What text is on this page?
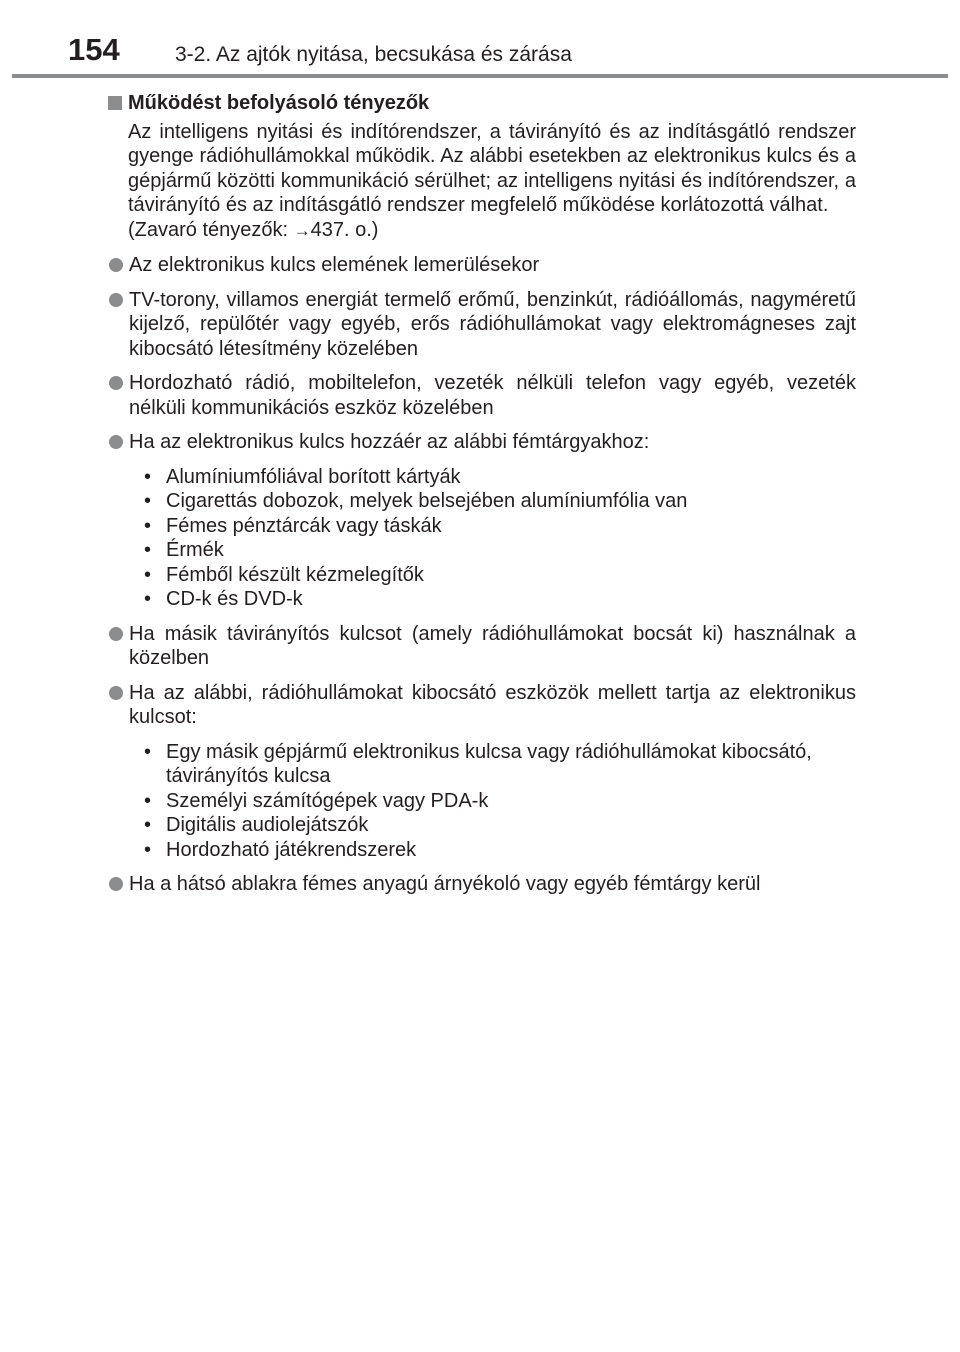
154	3-2. Az ajtók nyitása, becsukása és zárása
Működést befolyásoló tényezők
Az intelligens nyitási és indítórendszer, a távirányító és az indításgátló rendszer gyenge rádióhullámokkal működik. Az alábbi esetekben az elektronikus kulcs és a gépjármű közötti kommunikáció sérülhet; az intelligens nyitási és indítórendszer, a távirányító és az indításgátló rendszer megfelelő működése korlátozottá válhat.
(Zavaró tényezők: →437. o.)
Az elektronikus kulcs elemének lemerülésekor
TV-torony, villamos energiát termelő erőmű, benzinkút, rádióállomás, nagyméretű kijelző, repülőtér vagy egyéb, erős rádióhullámokat vagy elektromágneses zajt kibocsátó létesítmény közelében
Hordozható rádió, mobiltelefon, vezeték nélküli telefon vagy egyéb, vezeték nélküli kommunikációs eszköz közelében
Ha az elektronikus kulcs hozzáér az alábbi fémtárgyakhoz:
• Alumíniumfóliával borított kártyák
• Cigarettás dobozok, melyek belsejében alumíniumfólia van
• Fémes pénztárcák vagy táskák
• Érmék
• Fémből készült kézmelegítők
• CD-k és DVD-k
Ha másik távirányítós kulcsot (amely rádióhullámokat bocsát ki) használnak a közelben
Ha az alábbi, rádióhullámokat kibocsátó eszközök mellett tartja az elektronikus kulcsot:
• Egy másik gépjármű elektronikus kulcsa vagy rádióhullámokat kibocsátó, távirányítós kulcsa
• Személyi számítógépek vagy PDA-k
• Digitális audiolejátszók
• Hordozható játékrendszerek
Ha a hátsó ablakra fémes anyagú árnyékoló vagy egyéb fémtárgy kerül
